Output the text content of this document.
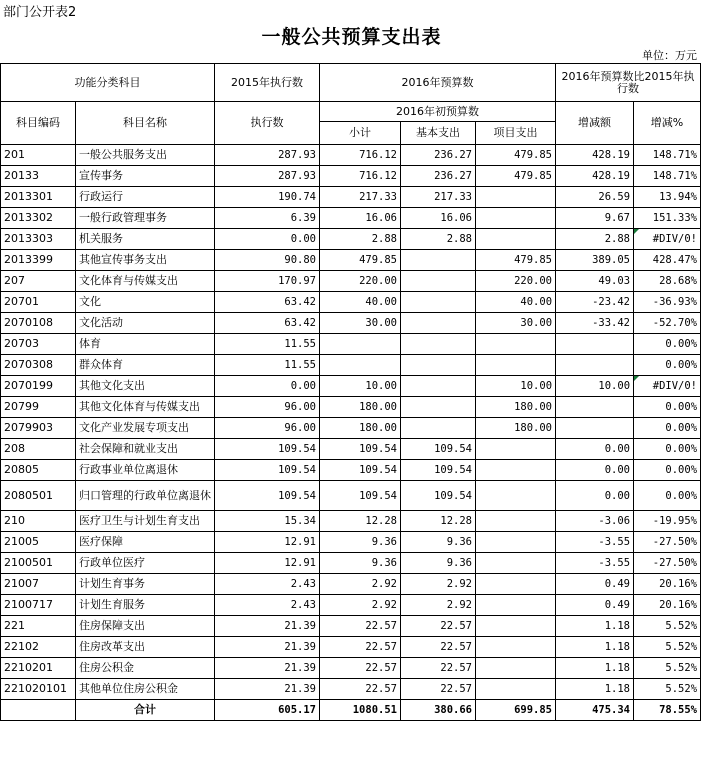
部门公开表2
一般公共预算支出表
单位：万元
功能分类科目		2015年执行数	2016年预算数			2016年预算数比2015年执行数	
科目编码	科目名称	执行数	2016年初预算数			增减额	增减%
			小计	基本支出	项目支出		
201	一般公共服务支出	287.93	716.12	236.27	479.85	428.19	148.71%
20133	宣传事务	287.93	716.12	236.27	479.85	428.19	148.71%
2013301	行政运行	190.74	217.33	217.33		26.59	13.94%
2013302	一般行政管理事务	6.39	16.06	16.06		9.67	151.33%
2013303	机关服务	0.00	2.88	2.88		2.88	#DIV/0!
2013399	其他宣传事务支出	90.80	479.85		479.85	389.05	428.47%
207	文化体育与传媒支出	170.97	220.00		220.00	49.03	28.68%
20701	文化	63.42	40.00		40.00	-23.42	-36.93%
2070108	文化活动	63.42	30.00		30.00	-33.42	-52.70%
20703	体育	11.55					0.00%
2070308	群众体育	11.55					0.00%
2070199	其他文化支出	0.00	10.00		10.00	10.00	#DIV/0!
20799	其他文化体育与传媒支出	96.00	180.00		180.00		0.00%
2079903	文化产业发展专项支出	96.00	180.00		180.00		0.00%
208	社会保障和就业支出	109.54	109.54	109.54		0.00	0.00%
20805	行政事业单位离退休	109.54	109.54	109.54		0.00	0.00%
2080501	归口管理的行政单位离退休	109.54	109.54	109.54		0.00	0.00%
210	医疗卫生与计划生育支出	15.34	12.28	12.28		-3.06	-19.95%
21005	医疗保障	12.91	9.36	9.36		-3.55	-27.50%
2100501	行政单位医疗	12.91	9.36	9.36		-3.55	-27.50%
21007	计划生育事务	2.43	2.92	2.92		0.49	20.16%
2100717	计划生育服务	2.43	2.92	2.92		0.49	20.16%
221	住房保障支出	21.39	22.57	22.57		1.18	5.52%
22102	住房改革支出	21.39	22.57	22.57		1.18	5.52%
2210201	住房公积金	21.39	22.57	22.57		1.18	5.52%
221020101	其他单位住房公积金	21.39	22.57	22.57		1.18	5.52%
	合计	605.17	1080.51	380.66	699.85	475.34	78.55%
